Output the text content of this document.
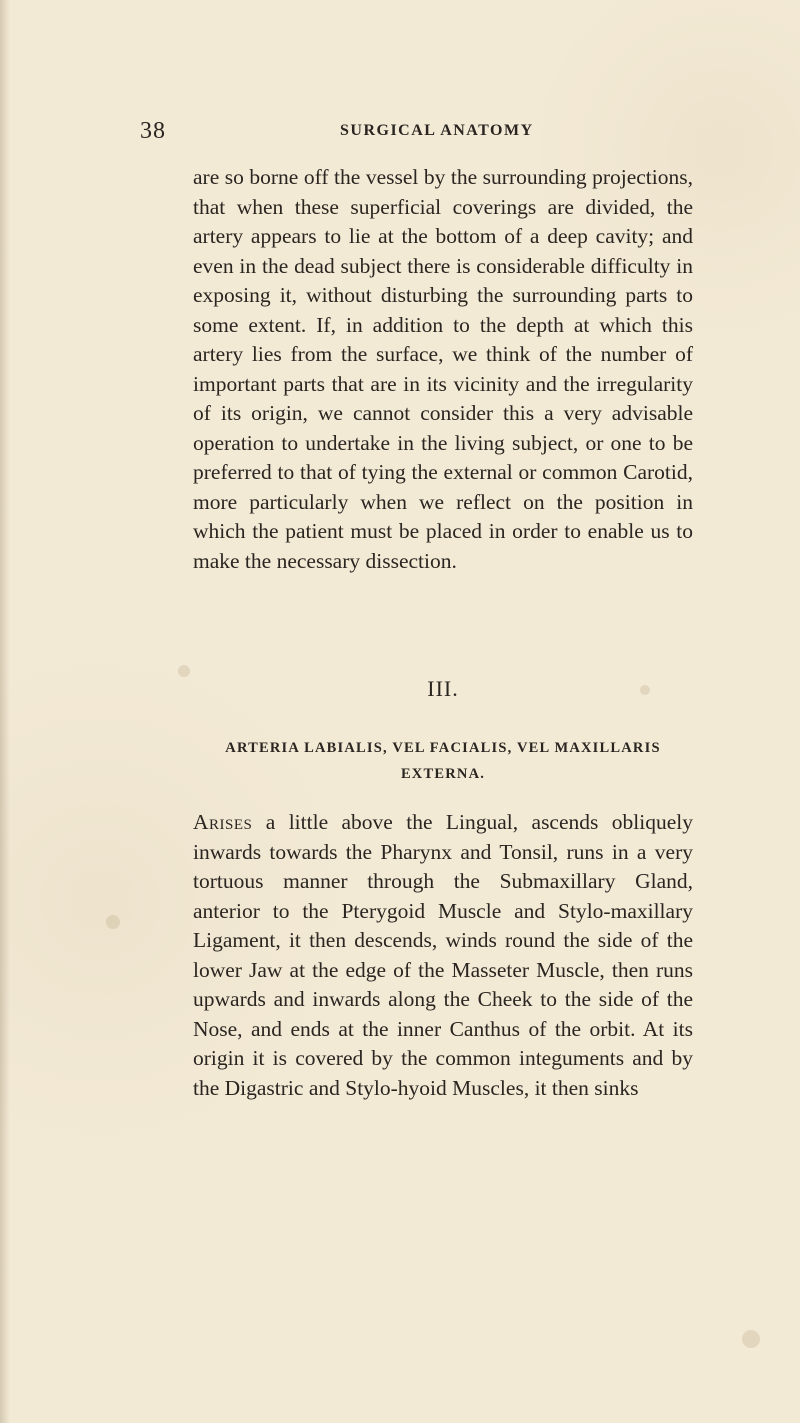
38	SURGICAL ANATOMY

are so borne off the vessel by the surrounding projections, that when these superficial coverings are divided, the artery appears to lie at the bottom of a deep cavity; and even in the dead subject there is considerable difficulty in exposing it, without disturbing the surrounding parts to some extent. If, in addition to the depth at which this artery lies from the surface, we think of the number of important parts that are in its vicinity and the irregularity of its origin, we cannot consider this a very advisable operation to undertake in the living subject, or one to be preferred to that of tying the external or common Carotid, more particularly when we reflect on the position in which the patient must be placed in order to enable us to make the necessary dissection.

III.
ARTERIA LABIALIS, VEL FACIALIS, VEL MAXILLARIS EXTERNA.

Arises a little above the Lingual, ascends obliquely inwards towards the Pharynx and Tonsil, runs in a very tortuous manner through the Submaxillary Gland, anterior to the Pterygoid Muscle and Stylo-maxillary Ligament, it then descends, winds round the side of the lower Jaw at the edge of the Masseter Muscle, then runs upwards and inwards along the Cheek to the side of the Nose, and ends at the inner Canthus of the orbit. At its origin it is covered by the common integuments and by the Digastric and Stylo-hyoid Muscles, it then sinks
